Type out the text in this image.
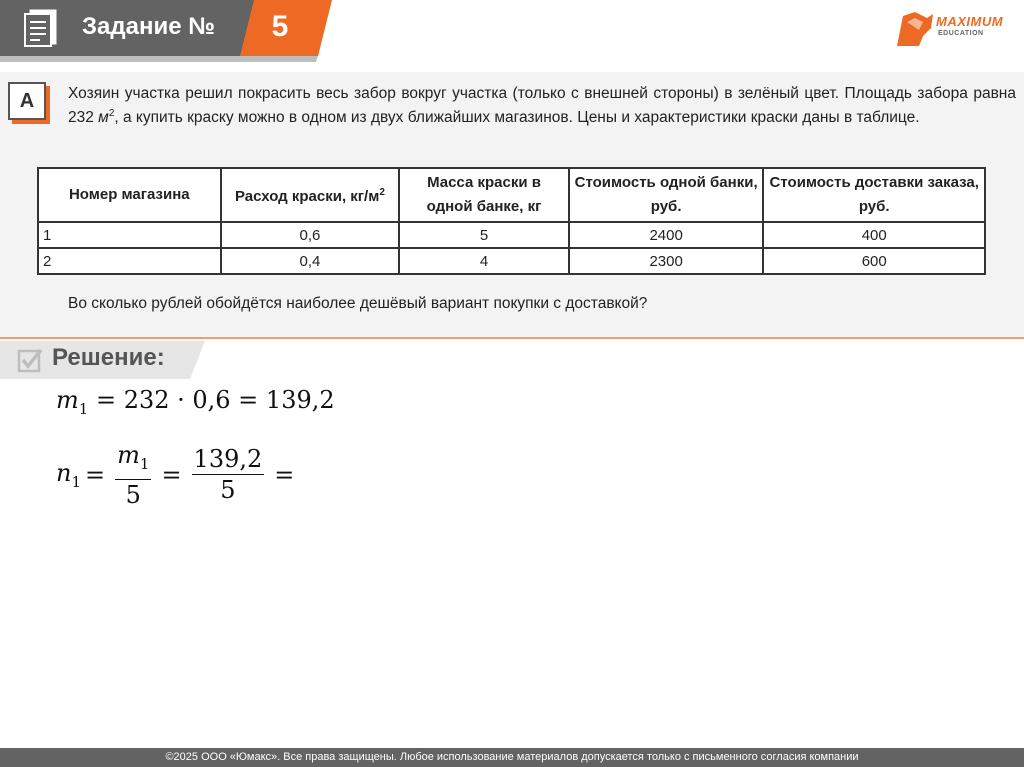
Задание №	5	MAXIMUM
EDUCATION
A	Хозяин участка решил покрасить весь забор вокруг участка (только с внешней стороны) в зелёный цвет. Площадь забора равна 232 $м^2$, а купить краску можно в одном из двух ближайших магазинов. Цены и характеристики краски даны в таблице.
Номер магазина	Расход краски, $кг/м^2$	Масса краски в одной банке, кг	Стоимость одной банки, руб.	Стоимость доставки заказа, руб.
1	0,6	5	2400	400
2	0,4	4	2300	600
Во сколько рублей обойдётся наиболее дешёвый вариант покупки с доставкой?
Решение:
$m_1 = 232 \cdot 0,6 = 139,2$
$n_1 = \frac{m_1}{5} = \frac{139,2}{5}$ =
©2025 ООО «Юмакс». Все права защищены. Любое использование материалов допускается только с письменного согласия компании
